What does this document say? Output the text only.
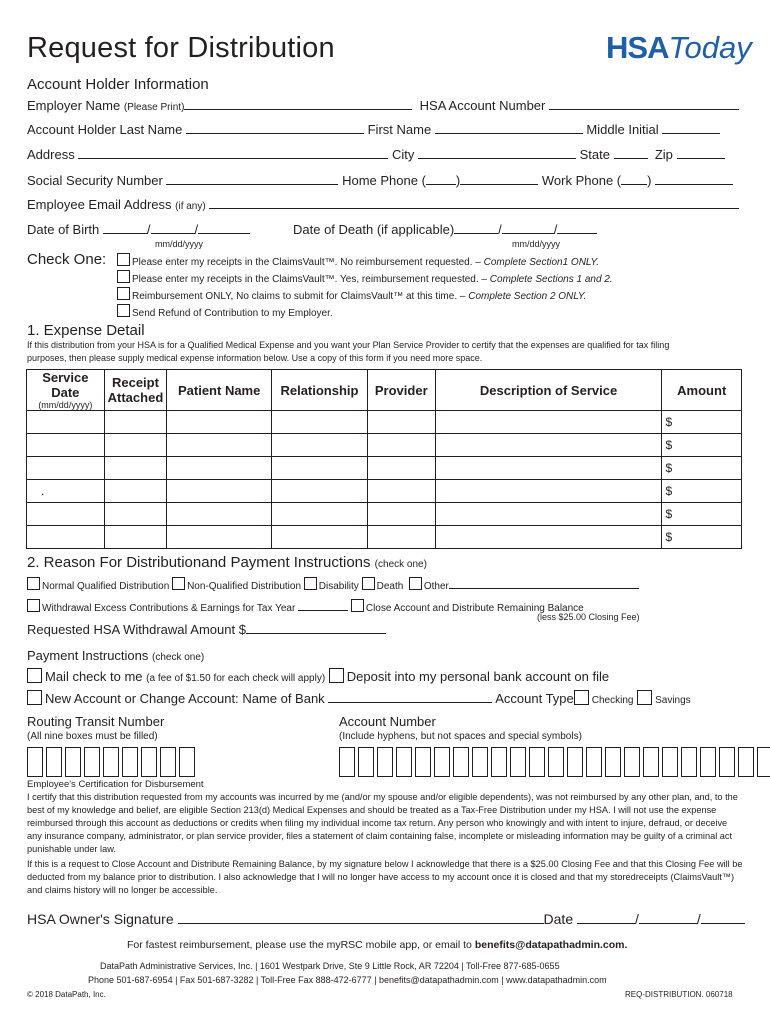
Request for Distribution	HSAToday
Account Holder Information
Employer Name (Please Print)	HSA Account Number
Account Holder Last Name	First Name	Middle Initial
Address	City	State	Zip
Social Security Number	Home Phone ( )	Work Phone ( )
Employee Email Address (if any)
Date of Birth	/	/	Date of Death (if applicable)	/	/
mm/dd/yyyy	mm/dd/yyyy
Check One:	Please enter my receipts in the ClaimsVault™. No reimbursement requested. – Complete Section1 ONLY.
Please enter my receipts in the ClaimsVault™. Yes, reimbursement requested. – Complete Sections 1 and 2.
Reimbursement ONLY, No claims to submit for ClaimsVault™ at this time. – Complete Section 2 ONLY.
Send Refund of Contribution to my Employer.
1. Expense Detail
If this distribution from your HSA is for a Qualified Medical Expense and you want your Plan Service Provider to certify that the expenses are qualified for tax filing
purposes, then please supply medical expense information below. Use a copy of this form if you need more space.
Service Date
(mm/dd/yyyy)	Receipt Attached	Patient Name	Relationship	Provider	Description of Service	Amount
						$
						$
						$
.						$
						$
						$
2. Reason For Distributionand Payment Instructions (check one)
Normal Qualified Distribution Non-Qualified Distribution Disability Death Other
Withdrawal Excess Contributions & Earnings for Tax Year	Close Account and Distribute Remaining Balance
(less $25.00 Closing Fee)
Requested HSA Withdrawal Amount $
Payment Instructions (check one)
Mail check to me (a fee of $1.50 for each check will apply) Deposit into my personal bank account on file
New Account or Change Account: Name of Bank	Account Type Checking Savings
Routing Transit Number
(All nine boxes must be filled)
Account Number
(Include hyphens, but not spaces and special symbols)
Employee's Certification for Disbursement
I certify that this distribution requested from my accounts was incurred by me (and/or my spouse and/or eligible dependents), was not reimbursed by any other plan, and, to the best of my knowledge and belief, are eligible Section 213(d) Medical Expenses and should be treated as a Tax-Free Distribution under my HSA. I will not use the expense reimbursed through this account as deductions or credits when filing my individual income tax return. Any person who knowingly and with intent to injure, defraud, or deceive any insurance company, administrator, or plan service provider, files a statement of claim containing false, incomplete or misleading information may be guilty of a criminal act punishable under law.
If this is a request to Close Account and Distribute Remaining Balance, by my signature below I acknowledge that there is a $25.00 Closing Fee and that this Closing Fee will be deducted from my balance prior to distribution. I also acknowledge that I will no longer have access to my account once it is closed and that my storedreceipts (ClaimsVault™) and claims history will no longer be accessible.
HSA Owner's Signature	Date	/	/
For fastest reimbursement, please use the myRSC mobile app, or email to benefits@datapathadmin.com.
DataPath Administrative Services, Inc. | 1601 Westpark Drive, Ste 9 Little Rock, AR 72204 | Toll-Free 877-685-0655
Phone 501-687-6954 | Fax 501-687-3282 | Toll-Free Fax 888-472-6777 | benefits@datapathadmin.com | www.datapathadmin.com
© 2018 DataPath, Inc.	REQ-DISTRIBUTION. 060718
